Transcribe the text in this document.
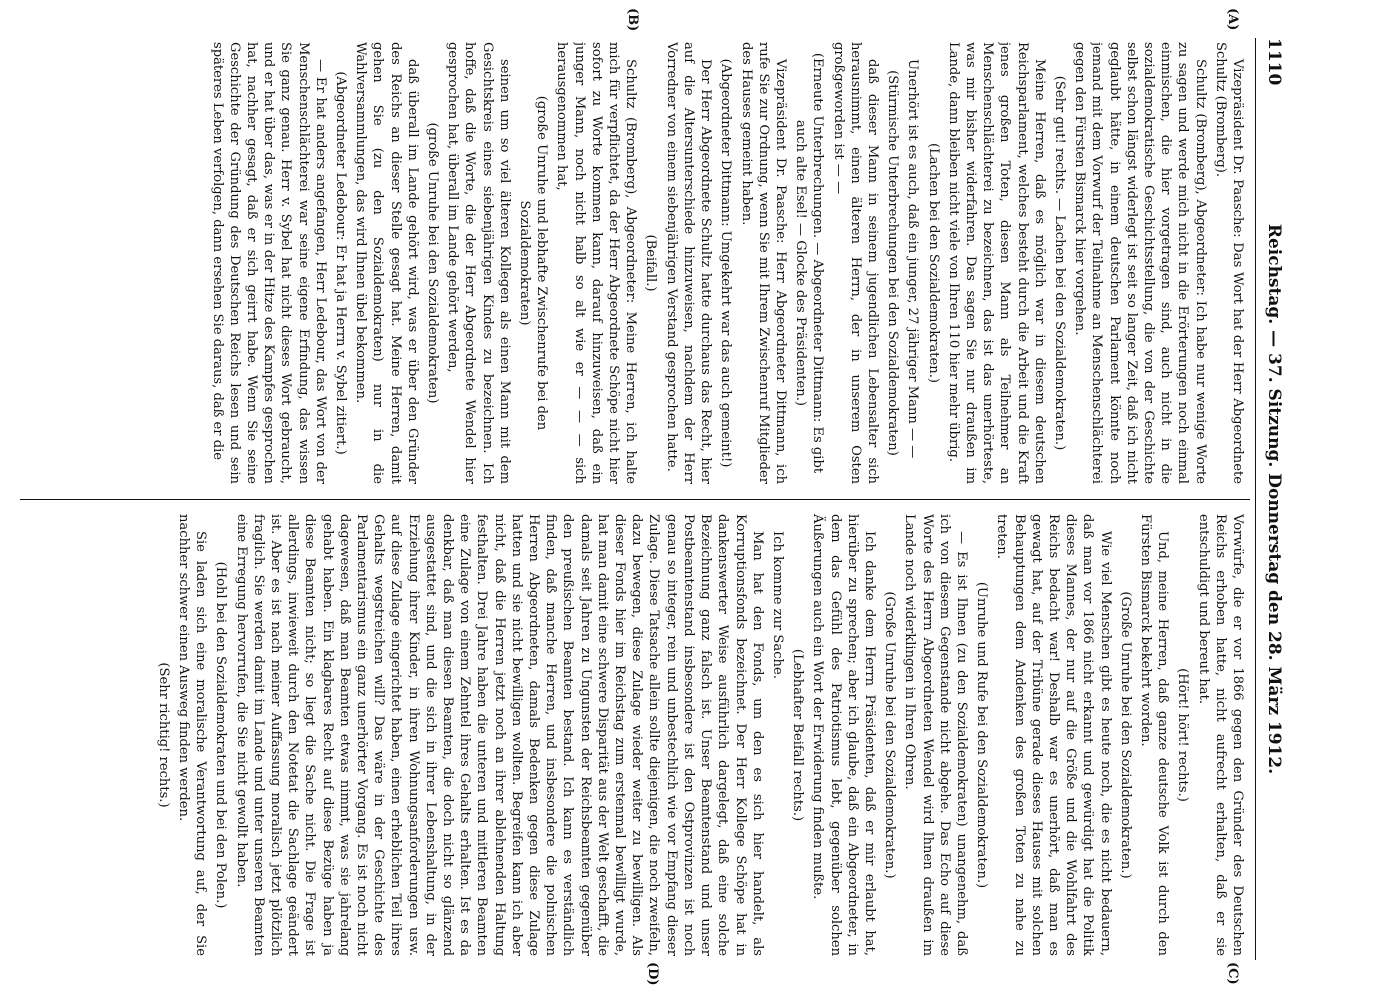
1110
Reichstag. — 37. Sitzung. Donnerstag den 28. März 1912.
(A)
(B)
(C)
(D)

Vizepräsident Dr. Paasche: Das Wort hat der Herr Abgeordnete Schultz (Bromberg).

Schultz (Bromberg), Abgeordneter: Ich habe nur wenige Worte zu sagen und werde mich nicht in die Erörterungen noch einmal einmischen, die hier vorgetragen sind, auch nicht in die sozialdemokratische Geschichtsstellung, die von der Geschichte selbst schon längst widerlegt ist seit so langer Zeit, daß ich nicht geglaubt hätte, in einem deutschen Parlament könnte noch jemand mit dem Vorwurf der Teilnahme an Menschenschlächterei gegen den Fürsten Bismarck hier vorgehen.

(Sehr gut! rechts. — Lachen bei den Sozialdemokraten.)

Meine Herren, daß es möglich war in diesem deutschen Reichsparlament, welches besteht durch die Arbeit und die Kraft jenes großen Toten, diesen Mann als Teilnehmer an Menschenschlächterei zu bezeichnen, das ist das unerhörteste, was mir bisher widerfahren. Das sagen Sie nur draußen im Lande, dann bleiben nicht viele von Ihren 110 hier mehr übrig.

(Lachen bei den Sozialdemokraten.)

Unerhört ist es auch, daß ein junger, 27 jähriger Mann — —

(Stürmische Unterbrechungen bei den Sozialdemokraten)

daß dieser Mann in seinem jugendlichen Lebensalter sich herausnimmt, einen älteren Herrn, der in unserem Osten großgeworden ist — —

(Erneute Unterbrechungen. — Abgeordneter Dittmann: Es gibt auch alte Esel! — Glocke des Präsidenten.)

Vizepräsident Dr. Paasche: Herr Abgeordneter Dittmann, ich rufe Sie zur Ordnung, wenn Sie mit Ihrem Zwischenruf Mitglieder des Hauses gemeint haben.

(Abgeordneter Dittmann: Umgekehrt war das auch gemeint!)

Der Herr Abgeordnete Schultz hatte durchaus das Recht, hier auf die Altersunterschiede hinzuweisen, nachdem der Herr Vorredner von einem siebenjährigen Verstand gesprochen hatte.

(Beifall.)

Schultz (Bromberg), Abgeordneter: Meine Herren, ich halte mich für verpflichtet, da der Herr Abgeordnete Schöpe nicht hier sofort zu Worte kommen kann, darauf hinzuweisen, daß ein junger Mann, noch nicht halb so alt wie er — — — sich herausgenommen hat,

(große Unruhe und lebhafte Zwischenrufe bei den Sozialdemokraten)

seinen um so viel älteren Kollegen als einen Mann mit dem Gesichtskreis eines siebenjährigen Kindes zu bezeichnen. Ich hoffe, daß die Worte, die der Herr Abgeordnete Wendel hier gesprochen hat, überall im Lande gehört werden,

(große Unruhe bei den Sozialdemokraten)

daß überall im Lande gehört wird, was er über den Gründer des Reichs an dieser Stelle gesagt hat. Meine Herren, damit gehen Sie (zu den Sozialdemokraten) nur in die Wahlversammlungen, das wird Ihnen übel bekommen.

(Abgeordneter Ledebour: Er hat ja Herrn v. Sybel zitiert.)

— Er hat anders angefangen, Herr Ledebour, das Wort von der Menschenschlächterei war seine eigene Erfindung, das wissen Sie ganz genau. Herr v. Sybel hat nicht dieses Wort gebraucht, und er hat über das, was er in der Hitze des Kampfes gesprochen hat, nachher gesagt, daß er sich geirrt habe. Wenn Sie seine Geschichte der Gründung des Deutschen Reichs lesen und sein späteres Leben verfolgen, dann ersehen Sie daraus, daß er die

Vorwürfe, die er vor 1866 gegen den Gründer des Deutschen Reichs erhoben hatte, nicht aufrecht erhalten, daß er sie entschuldigt und bereut hat.

(Hört! hört! rechts.)

Und, meine Herren, daß ganze deutsche Volk ist durch den Fürsten Bismarck bekehrt worden.

(Große Unruhe bei den Sozialdemokraten.)

Wie viel Menschen gibt es heute noch, die es nicht bedauern, daß man vor 1866 nicht erkannt und gewürdigt hat die Politik dieses Mannes, der nur auf die Größe und die Wohlfahrt des Reichs bedacht war! Deshalb war es unerhört, daß man es gewagt hat, auf der Tribüne gerade dieses Hauses mit solchen Behauptungen dem Andenken des großen Toten zu nahe zu treten.

(Unruhe und Rufe bei den Sozialdemokraten.)

— Es ist Ihnen (zu den Sozialdemokraten) unangenehm, daß ich von diesem Gegenstande nicht abgehe. Das Echo auf diese Worte des Herrn Abgeordneten Wendel wird Ihnen draußen im Lande noch widerklingen in Ihren Ohren.

(Große Unruhe bei den Sozialdemokraten.)

Ich danke dem Herrn Präsidenten, daß er mir erlaubt hat, hierüber zu sprechen; aber ich glaube, daß ein Abgeordneter, in dem das Gefühl des Patriotismus lebt, gegenüber solchen Äußerungen auch ein Wort der Erwiderung finden mußte.

(Lebhafter Beifall rechts.)

Ich komme zur Sache.

Man hat den Fonds, um den es sich hier handelt, als Korruptionsfonds bezeichnet. Der Herr Kollege Schöpe hat in dankenswerter Weise ausführlich dargelegt, daß eine solche Bezeichnung ganz falsch ist. Unser Beamtenstand und unser Postbeamtenstand insbesondere ist den Ostprovinzen ist noch genau so integer, rein und unbestechlich wie vor Empfang dieser Zulage. Diese Tatsache allein sollte diejenigen, die noch zweifeln, dazu bewegen, diese Zulage wieder weiter zu bewilligen. Als dieser Fonds hier im Reichstag zum erstenmal bewilligt wurde, hat man damit eine schwere Disparität aus der Welt geschafft, die damals seit Jahren zu Ungunsten der Reichsbeamten gegenüber den preußischen Beamten bestand. Ich kann es verständlich finden, daß manche Herren, und insbesondere die polnischen Herren Abgeordneten, damals Bedenken gegen diese Zulage hatten und sie nicht bewilligen wollten. Begreifen kann ich aber nicht, daß die Herren jetzt noch an ihrer ablehnenden Haltung festhalten. Drei Jahre haben die unteren und mittleren Beamten eine Zulage von einem Zehntel ihres Gehalts erhalten. Ist es da denkbar, daß man diesen Beamten, die doch nicht so glänzend ausgestattet sind, und die sich in ihrer Lebenshaltung, in der Erziehung ihrer Kinder, in ihren Wohnungsanforderungen usw. auf diese Zulage eingerichtet haben, einen erheblichen Teil ihres Gehalts wegstreichen will? Das wäre in der Geschichte des Parlamentarismus ein ganz unerhörter Vorgang. Es ist noch nicht dagewesen, daß man Beamten etwas nimmt, was sie jahrelang gehabt haben. Ein klagbares Recht auf diese Bezüge haben ja diese Beamten nicht; so liegt die Sache nicht. Die Frage ist allerdings, inwieweit durch den Notetat die Sachlage geändert ist. Aber es ist nach meiner Auffassung moralisch jetzt plötzlich fraglich. Sie werden damit im Lande und unter unseren Beamten eine Erregung hervorrufen, die Sie nicht gewollt haben.

(Hohl bei den Sozialdemokraten und bei den Polen.)

Sie laden sich eine moralische Verantwortung auf, der Sie nachher schwer einen Ausweg finden werden.

(Sehr richtig! rechts.)
